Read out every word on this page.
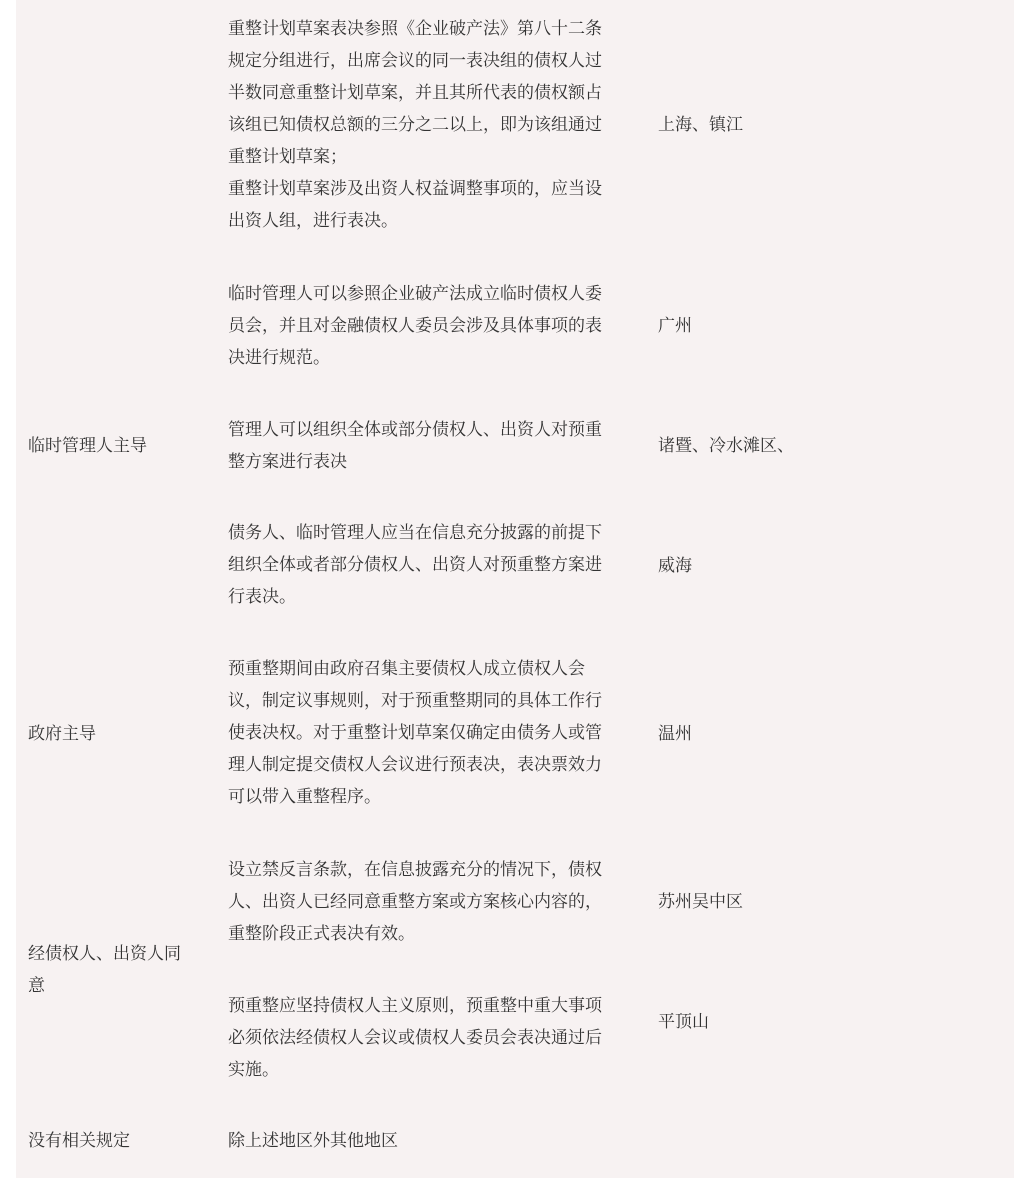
重整计划草案表决参照《企业破产法》第八十二条
规定分组进行，出席会议的同一表决组的债权人过
半数同意重整计划草案，并且其所代表的债权额占
该组已知债权总额的三分之二以上，即为该组通过
重整计划草案；
重整计划草案涉及出资人权益调整事项的，应当设
出资人组，进行表决。
上海、镇江
临时管理人可以参照企业破产法成立临时债权人委
员会，并且对金融债权人委员会涉及具体事项的表
决进行规范。
广州
临时管理人主导
管理人可以组织全体或部分债权人、出资人对预重
整方案进行表决
诸暨、冷水滩区、
债务人、临时管理人应当在信息充分披露的前提下
组织全体或者部分债权人、出资人对预重整方案进
行表决。
威海
政府主导
预重整期间由政府召集主要债权人成立债权人会
议，制定议事规则，对于预重整期同的具体工作行
使表决权。对于重整计划草案仅确定由债务人或管
理人制定提交债权人会议进行预表决，表决票效力
可以带入重整程序。
温州
经债权人、出资人同
意
设立禁反言条款，在信息披露充分的情况下，债权
人、出资人已经同意重整方案或方案核心内容的，
重整阶段正式表决有效。
苏州吴中区
预重整应坚持债权人主义原则，预重整中重大事项
必须依法经债权人会议或债权人委员会表决通过后
实施。
平顶山
没有相关规定	除上述地区外其他地区
